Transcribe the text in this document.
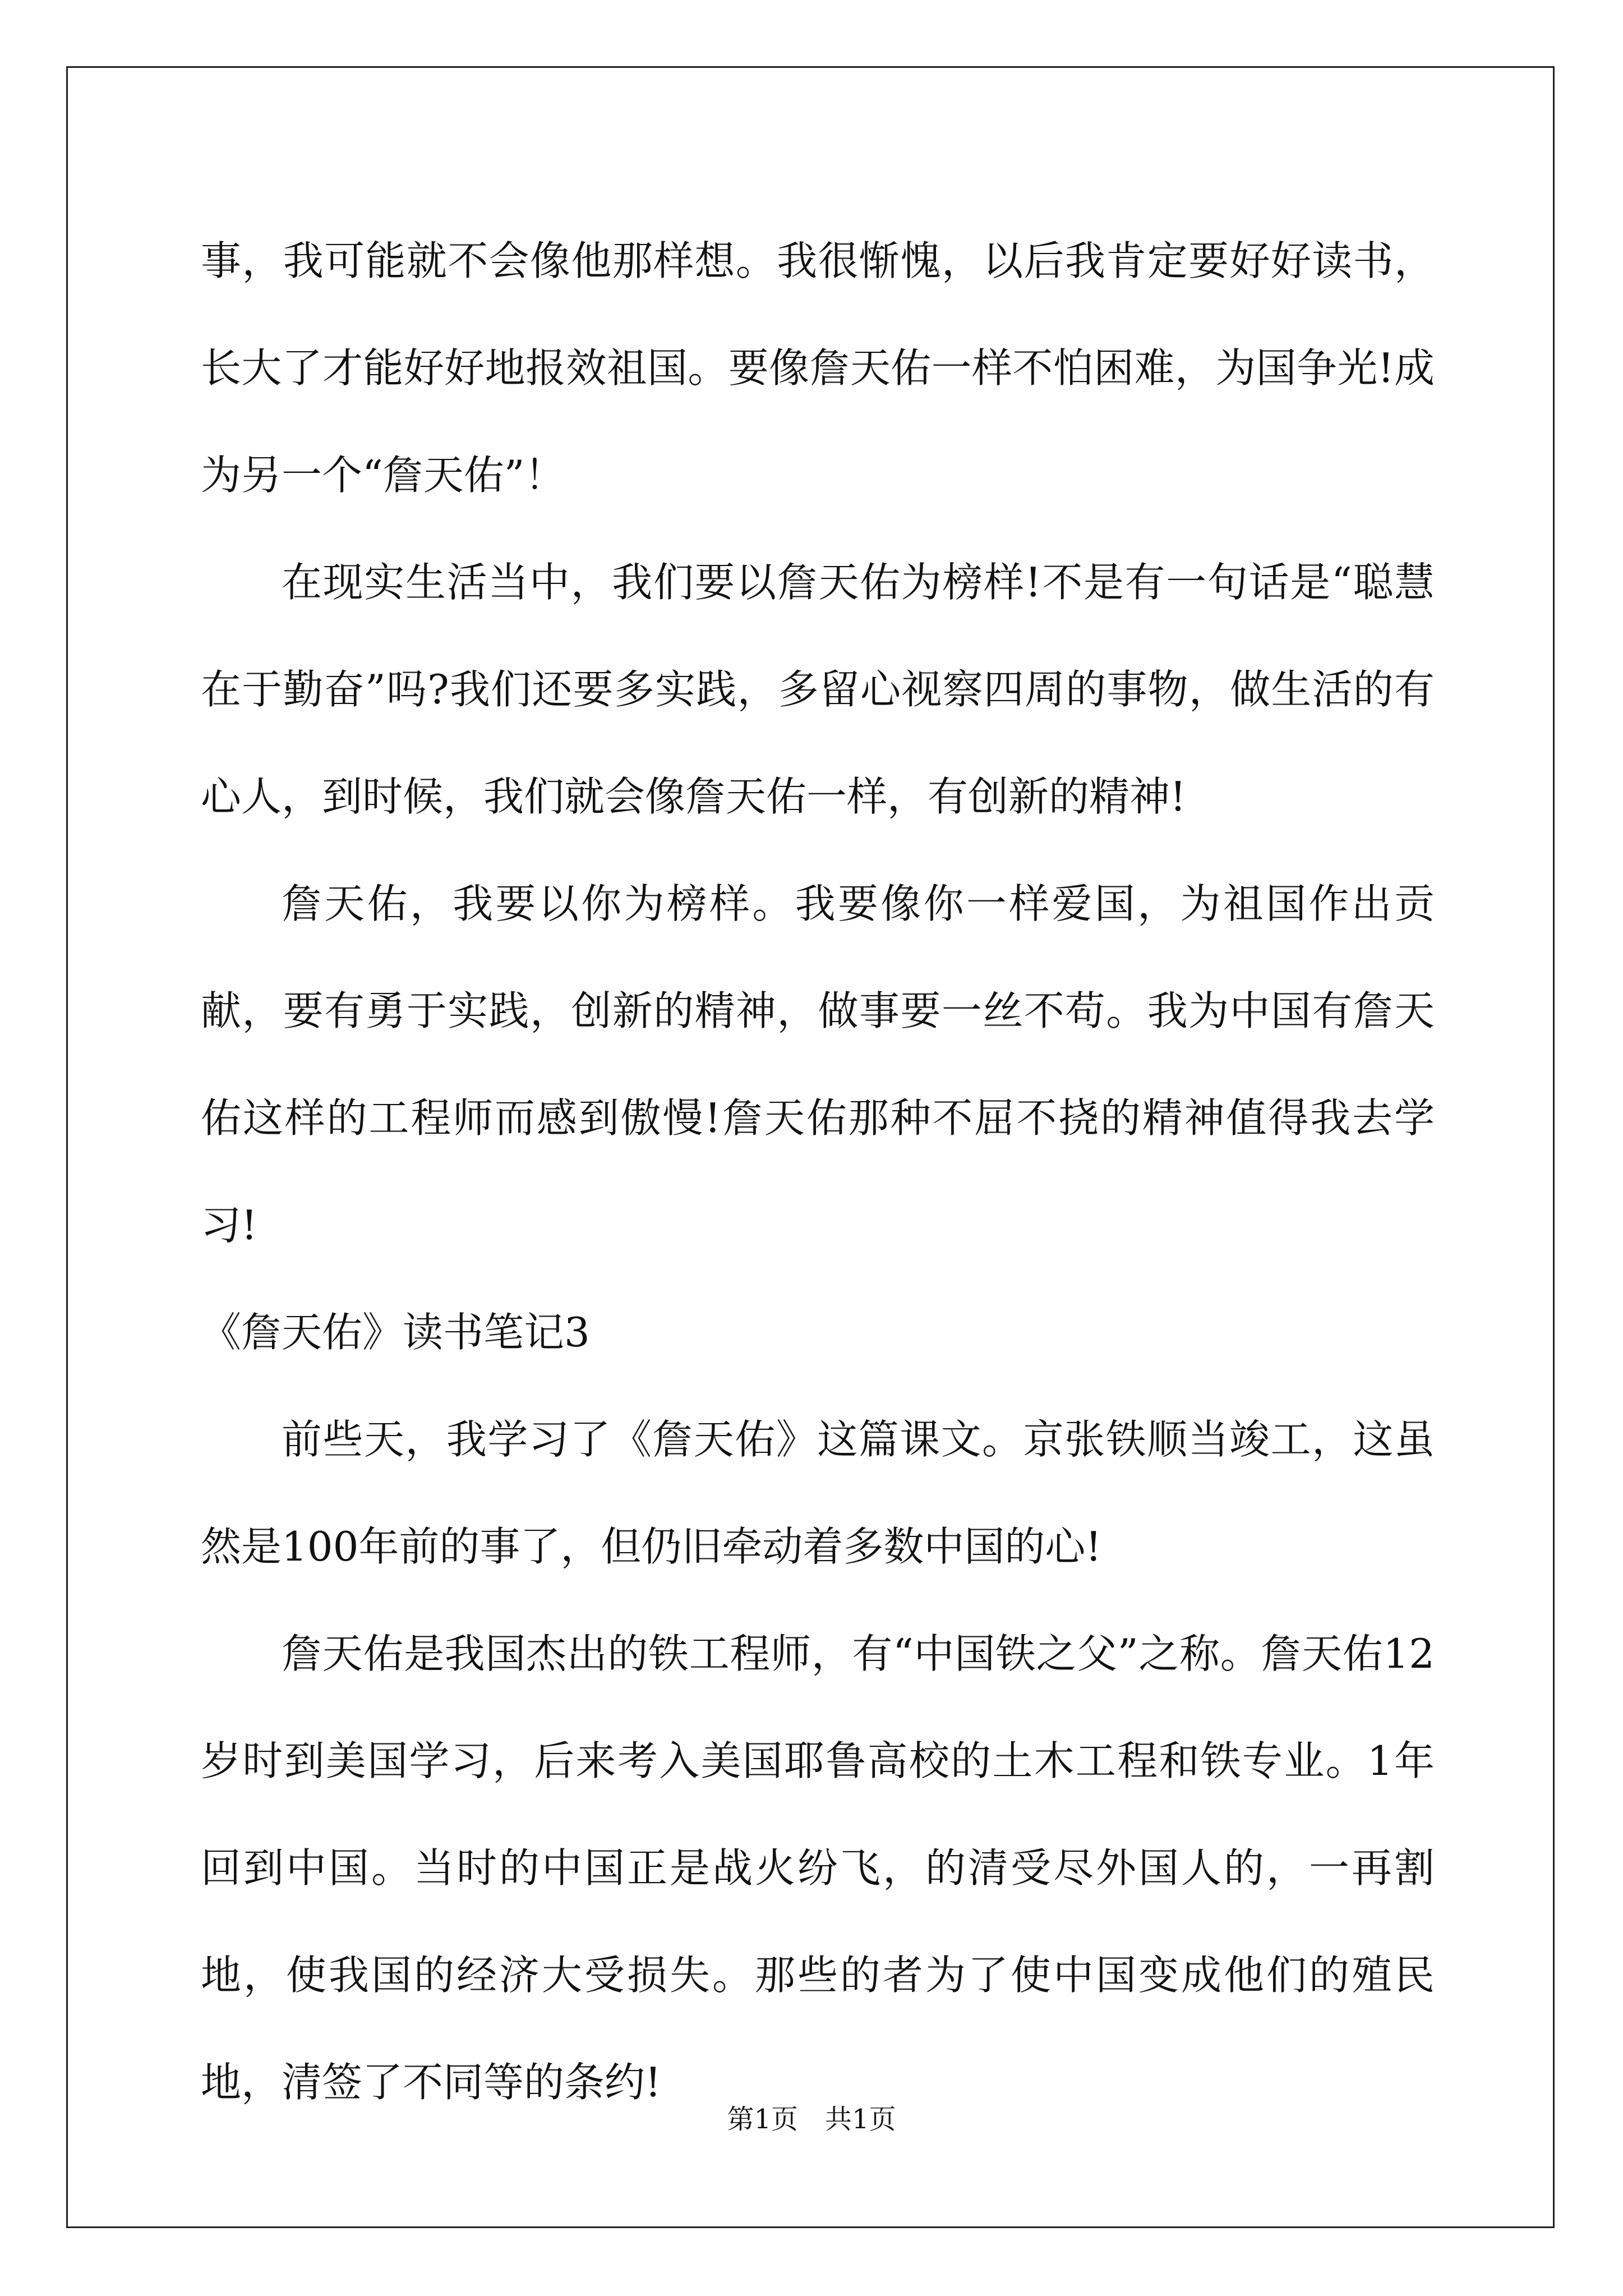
事，我可能就不会像他那样想。我很惭愧，以后我肯定要好好读书，长大了才能好好地报效祖国。要像詹天佑一样不怕困难，为国争光!成为另一个“詹天佑”！

在现实生活当中，我们要以詹天佑为榜样!不是有一句话是“聪慧在于勤奋”吗?我们还要多实践，多留心视察四周的事物，做生活的有心人，到时候，我们就会像詹天佑一样，有创新的精神!

詹天佑，我要以你为榜样。我要像你一样爱国，为祖国作出贡献，要有勇于实践，创新的精神，做事要一丝不苟。我为中国有詹天佑这样的工程师而感到傲慢!詹天佑那种不屈不挠的精神值得我去学习!

《詹天佑》读书笔记3

前些天，我学习了《詹天佑》这篇课文。京张铁顺当竣工，这虽然是100年前的事了，但仍旧牵动着多数中国的心!

詹天佑是我国杰出的铁工程师，有“中国铁之父”之称。詹天佑12岁时到美国学习，后来考入美国耶鲁高校的土木工程和铁专业。1年回到中国。当时的中国正是战火纷飞，的清受尽外国人的，一再割地，使我国的经济大受损失。那些的者为了使中国变成他们的殖民地，清签了不同等的条约!

第1页 共1页
